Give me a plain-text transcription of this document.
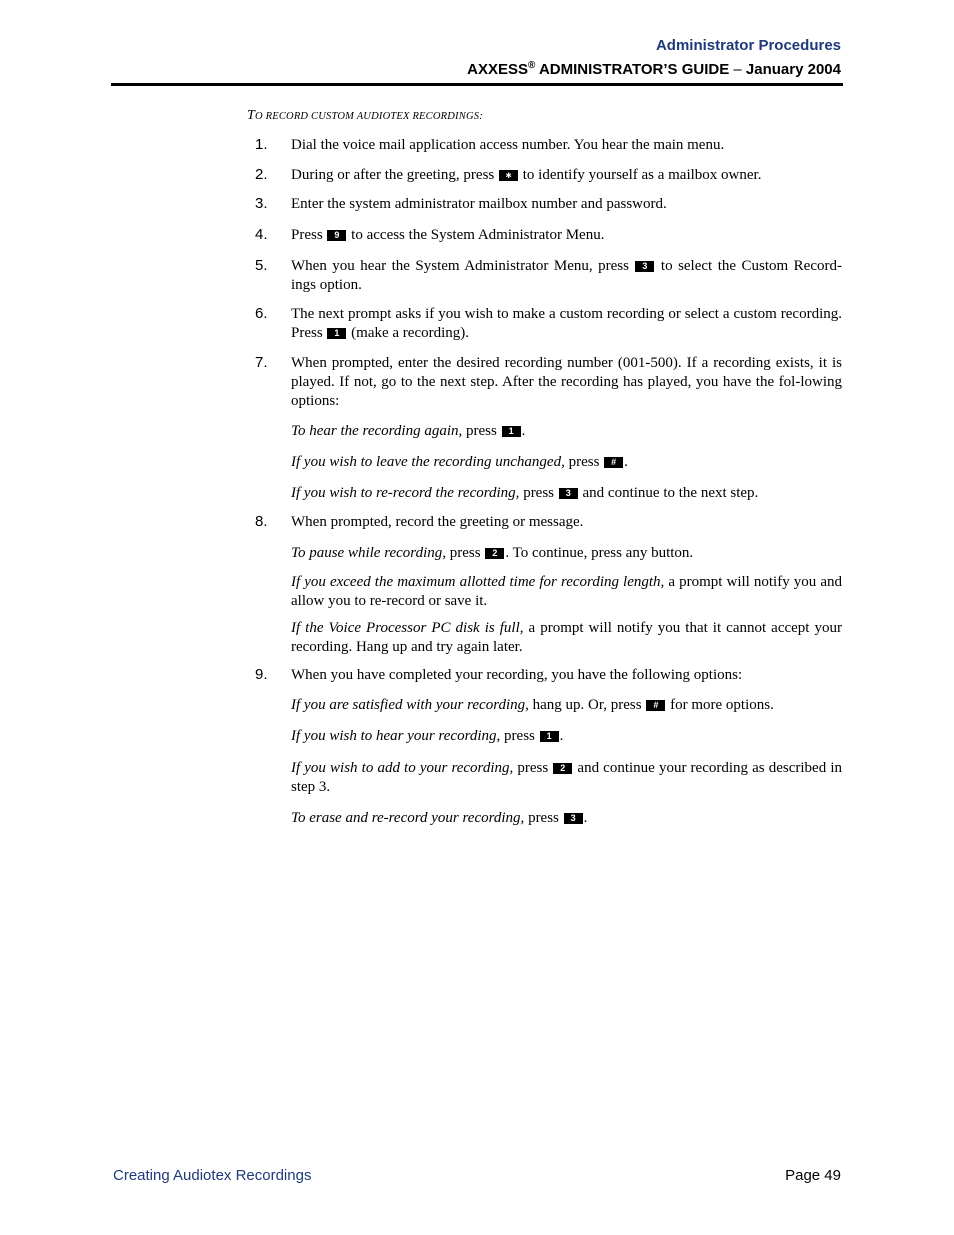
Administrator Procedures
AXXESS® ADMINISTRATOR’S GUIDE – January 2004
TO RECORD CUSTOM AUDIOTEX RECORDINGS:
1. Dial the voice mail application access number. You hear the main menu.
2. During or after the greeting, press ∗ to identify yourself as a mailbox owner.
3. Enter the system administrator mailbox number and password.
4. Press 9 to access the System Administrator Menu.
5. When you hear the System Administrator Menu, press 3 to select the Custom Record-ings option.
6. The next prompt asks if you wish to make a custom recording or select a custom recording. Press 1 (make a recording).
7. When prompted, enter the desired recording number (001-500). If a recording exists, it is played. If not, go to the next step. After the recording has played, you have the fol-lowing options:
To hear the recording again, press 1 .
If you wish to leave the recording unchanged, press # .
If you wish to re-record the recording, press 3 and continue to the next step.
8. When prompted, record the greeting or message.
To pause while recording, press 2 . To continue, press any button.
If you exceed the maximum allotted time for recording length, a prompt will notify you and allow you to re-record or save it.
If the Voice Processor PC disk is full, a prompt will notify you that it cannot accept your recording. Hang up and try again later.
9. When you have completed your recording, you have the following options:
If you are satisfied with your recording, hang up. Or, press # for more options.
If you wish to hear your recording, press 1 .
If you wish to add to your recording, press 2 and continue your recording as described in step 3.
To erase and re-record your recording, press 3 .
Creating Audiotex Recordings	Page 49
